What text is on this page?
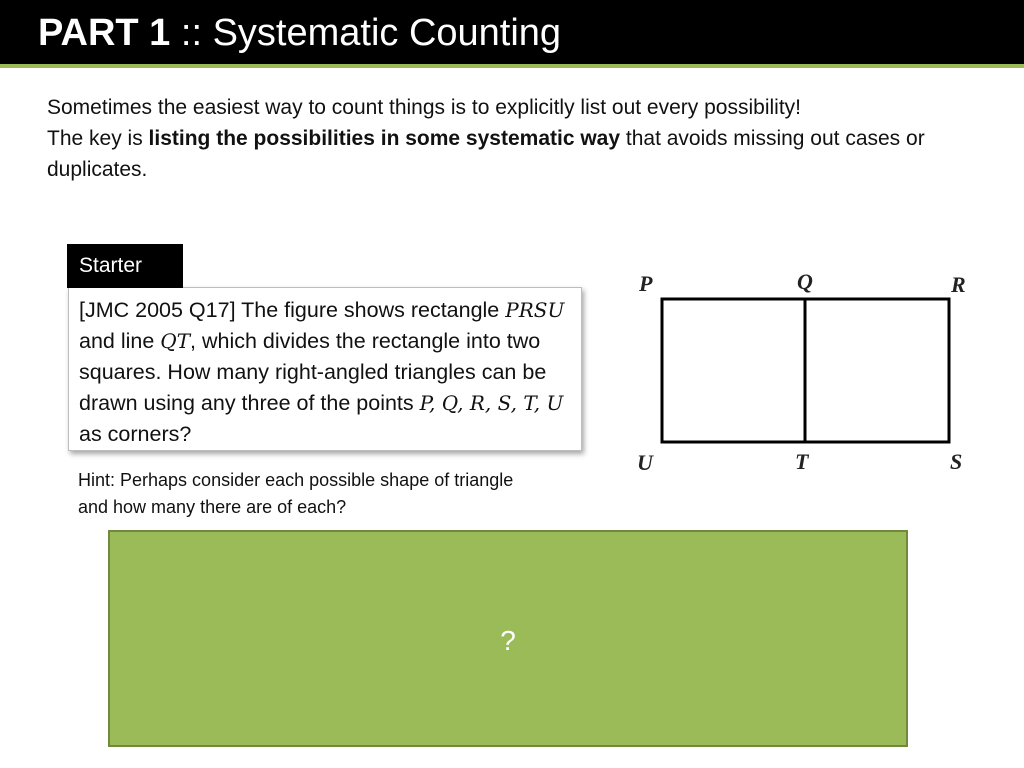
PART 1 :: Systematic Counting

Sometimes the easiest way to count things is to explicitly list out every possibility!

The key is listing the possibilities in some systematic way that avoids missing out cases or duplicates.

Starter
[JMC 2005 Q17] The figure shows rectangle PRSU and line QT, which divides the rectangle into two squares. How many right-angled triangles can be drawn using any three of the points P, Q, R, S, T, U as corners?
Hint: Perhaps consider each possible shape of triangle and how many there are of each?
P	Q	R
U	T	S
?
